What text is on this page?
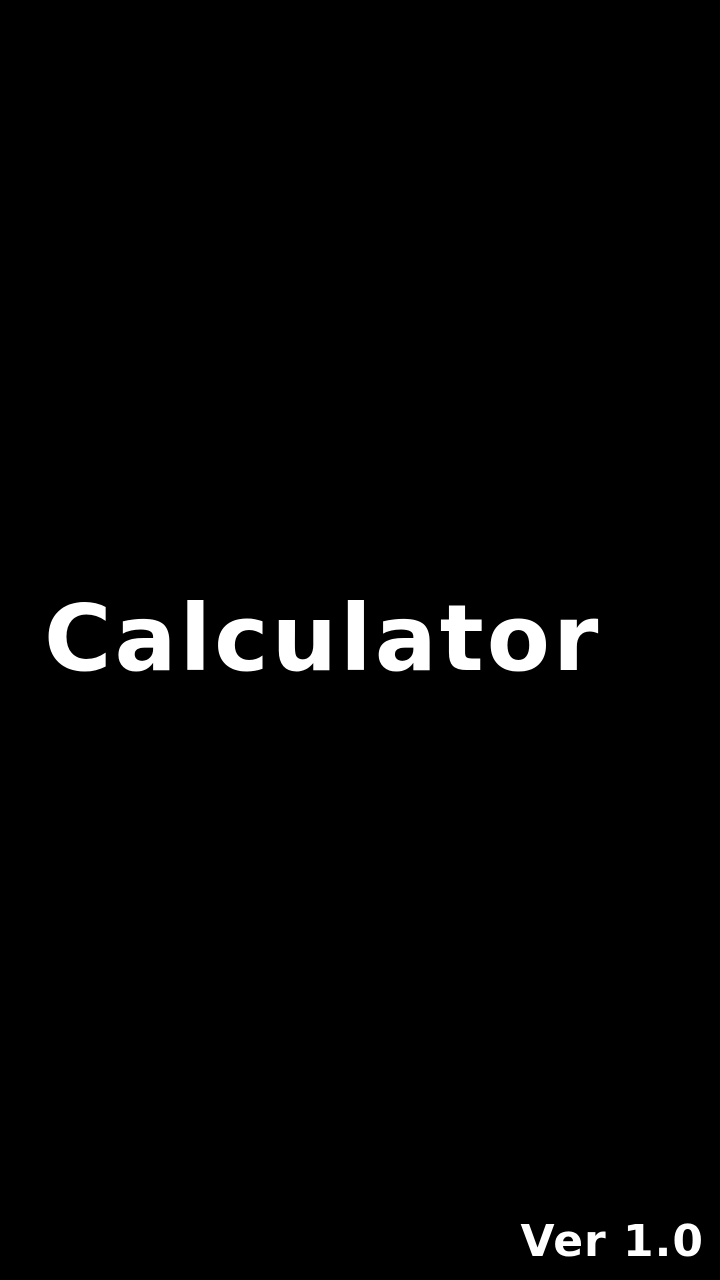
Calculator

Ver 1.0
